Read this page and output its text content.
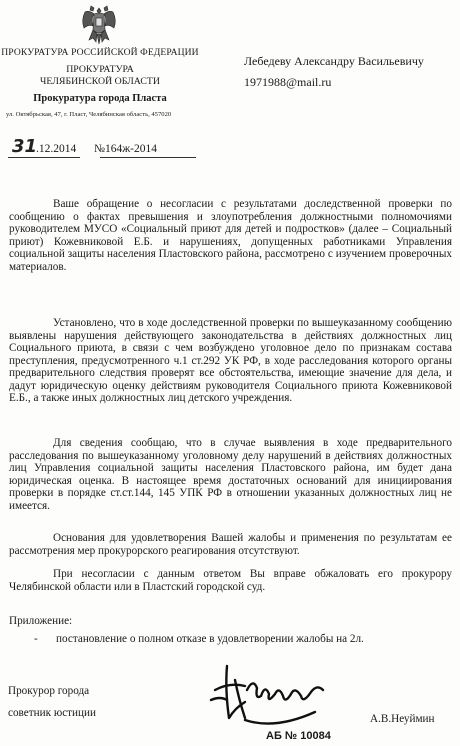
ПРОКУРАТУРА РОССИЙСКОЙ ФЕДЕРАЦИИ
ПРОКУРАТУРА
ЧЕЛЯБИНСКОЙ ОБЛАСТИ
Прокуратура города Пласта
ул. Октябрьская, 47, г. Пласт, Челябинская область, 457020
Лебедеву Александру Васильевичу
1971988@mail.ru
31
.12.2014 №164ж-2014

Ваше обращение о несогласии с результатами доследственной проверки по сообщению о фактах превышения и злоупотребления должностными полномочиями руководителем МУСО «Социальный приют для детей и подростков» (далее – Социальный приют) Кожевниковой Е.Б. и нарушениях, допущенных работниками Управления социальной защиты населения Пластовского района, рассмотрено с изучением проверочных материалов.

Установлено, что в ходе доследственной проверки по вышеуказанному сообщению выявлены нарушения действующего законодательства в действиях должностных лиц Социального приюта, в связи с чем возбуждено уголовное дело по признакам состава преступления, предусмотренного ч.1 ст.292 УК РФ, в ходе расследования которого органы предварительного следствия проверят все обстоятельства, имеющие значение для дела, и дадут юридическую оценку действиям руководителя Социального приюта Кожевниковой Е.Б., а также иных должностных лиц детского учреждения.

Для сведения сообщаю, что в случае выявления в ходе предварительного расследования по вышеуказанному уголовному делу нарушений в действиях должностных лиц Управления социальной защиты населения Пластовского района, им будет дана юридическая оценка. В настоящее время достаточных оснований для инициирования проверки в порядке ст.ст.144, 145 УПК РФ в отношении указанных должностных лиц не имеется.

Основания для удовлетворения Вашей жалобы и применения по результатам ее рассмотрения мер прокурорского реагирования отсутствуют.

При несогласии с данным ответом Вы вправе обжаловать его прокурору Челябинской области или в Пластский городской суд.

Приложение:
- постановление о полном отказе в удовлетворении жалобы на 2л.
Прокурор города
советник юстиции	А.В.Неуймин
АБ № 10084
